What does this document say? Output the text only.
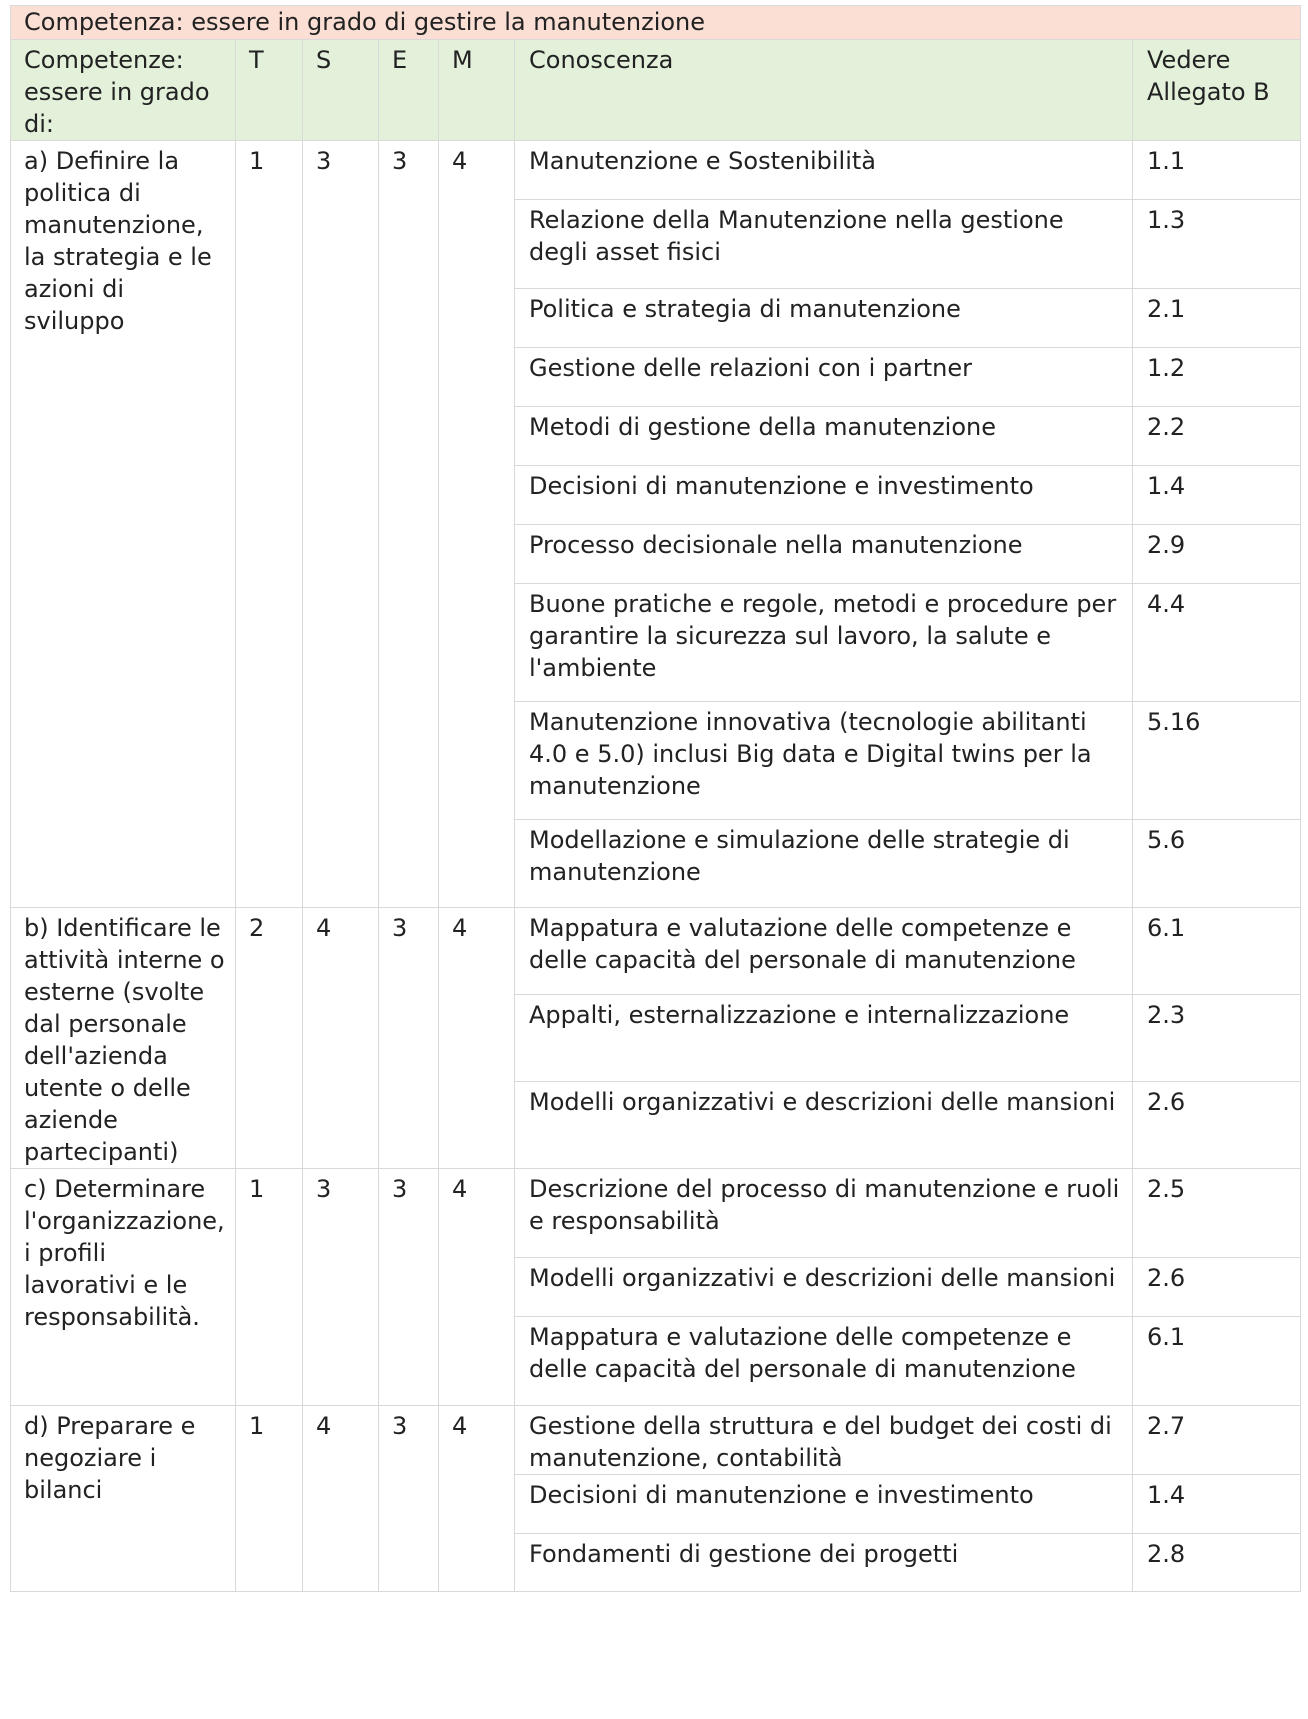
Competenza: essere in grado di gestire la manutenzione						
Competenze: essere in grado di:	T	S	E	M	Conoscenza	Vedere Allegato B
a) Definire la politica di manutenzione, la strategia e le azioni di sviluppo	1	3	3	4	Manutenzione e Sostenibilità	1.1
					Relazione della Manutenzione nella gestione degli asset fisici	1.3
					Politica e strategia di manutenzione	2.1
					Gestione delle relazioni con i partner	1.2
					Metodi di gestione della manutenzione	2.2
					Decisioni di manutenzione e investimento	1.4
					Processo decisionale nella manutenzione	2.9
					Buone pratiche e regole, metodi e procedure per garantire la sicurezza sul lavoro, la salute e l'ambiente	4.4
					Manutenzione innovativa (tecnologie abilitanti 4.0 e 5.0) inclusi Big data e Digital twins per la manutenzione	5.16
					Modellazione e simulazione delle strategie di manutenzione	5.6
b) Identificare le attività interne o esterne (svolte dal personale dell'azienda utente o delle aziende partecipanti)	2	4	3	4	Mappatura e valutazione delle competenze e delle capacità del personale di manutenzione	6.1
					Appalti, esternalizzazione e internalizzazione	2.3
					Modelli organizzativi e descrizioni delle mansioni	2.6
c) Determinare l'organizzazione, i profili lavorativi e le responsabilità.	1	3	3	4	Descrizione del processo di manutenzione e ruoli e responsabilità	2.5
					Modelli organizzativi e descrizioni delle mansioni	2.6
					Mappatura e valutazione delle competenze e delle capacità del personale di manutenzione	6.1
d) Preparare e negoziare i bilanci	1	4	3	4	Gestione della struttura e del budget dei costi di manutenzione, contabilità	2.7
					Decisioni di manutenzione e investimento	1.4
					Fondamenti di gestione dei progetti	2.8
